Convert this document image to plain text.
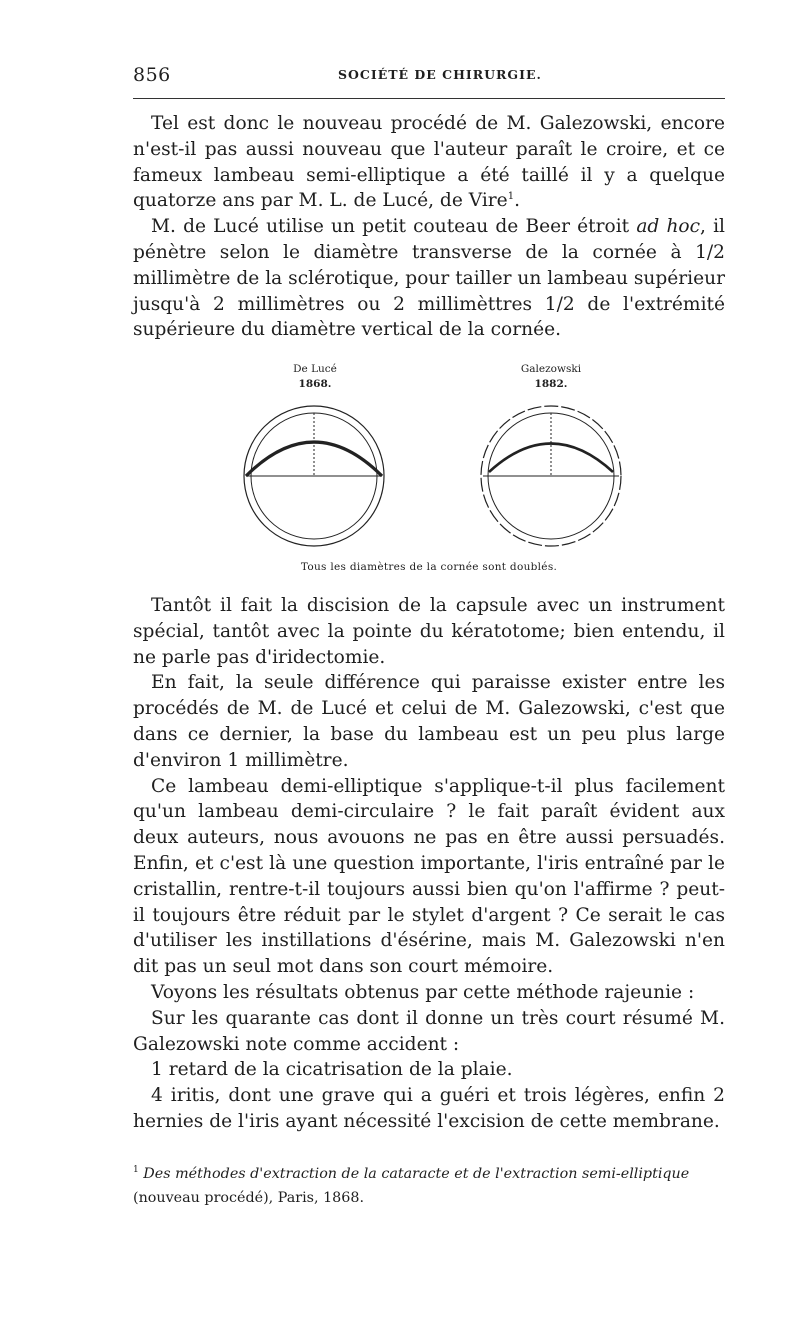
856	SOCIÉTÉ DE CHIRURGIE.

Tel est donc le nouveau procédé de M. Galezowski, encore n'est-il pas aussi nouveau que l'auteur paraît le croire, et ce fameux lambeau semi-elliptique a été taillé il y a quelque quatorze ans par M. L. de Lucé, de Vire$^1$.

M. de Lucé utilise un petit couteau de Beer étroit ad hoc, il pénètre selon le diamètre transverse de la cornée à 1/2 millimètre de la sclérotique, pour tailler un lambeau supérieur jusqu'à 2 millimètres ou 2 millimèttres 1/2 de l'extrémité supérieure du diamètre vertical de la cornée.

De Lucé
1868.
Galezowski
1882.
Tous les diamètres de la cornée sont doublés.

Tantôt il fait la discision de la capsule avec un instrument spécial, tantôt avec la pointe du kératotome; bien entendu, il ne parle pas d'iridectomie.

En fait, la seule différence qui paraisse exister entre les procédés de M. de Lucé et celui de M. Galezowski, c'est que dans ce dernier, la base du lambeau est un peu plus large d'environ 1 millimètre.

Ce lambeau demi-elliptique s'applique-t-il plus facilement qu'un lambeau demi-circulaire ? le fait paraît évident aux deux auteurs, nous avouons ne pas en être aussi persuadés. Enfin, et c'est là une question importante, l'iris entraîné par le cristallin, rentre-t-il toujours aussi bien qu'on l'affirme ? peut-il toujours être réduit par le stylet d'argent ? Ce serait le cas d'utiliser les instillations d'ésérine, mais M. Galezowski n'en dit pas un seul mot dans son court mémoire.

Voyons les résultats obtenus par cette méthode rajeunie :

Sur les quarante cas dont il donne un très court résumé M. Galezowski note comme accident :

1 retard de la cicatrisation de la plaie.

4 iritis, dont une grave qui a guéri et trois légères, enfin 2 hernies de l'iris ayant nécessité l'excision de cette membrane.

$^1$ Des méthodes d'extraction de la cataracte et de l'extraction semi-elliptique
(nouveau procédé), Paris, 1868.
